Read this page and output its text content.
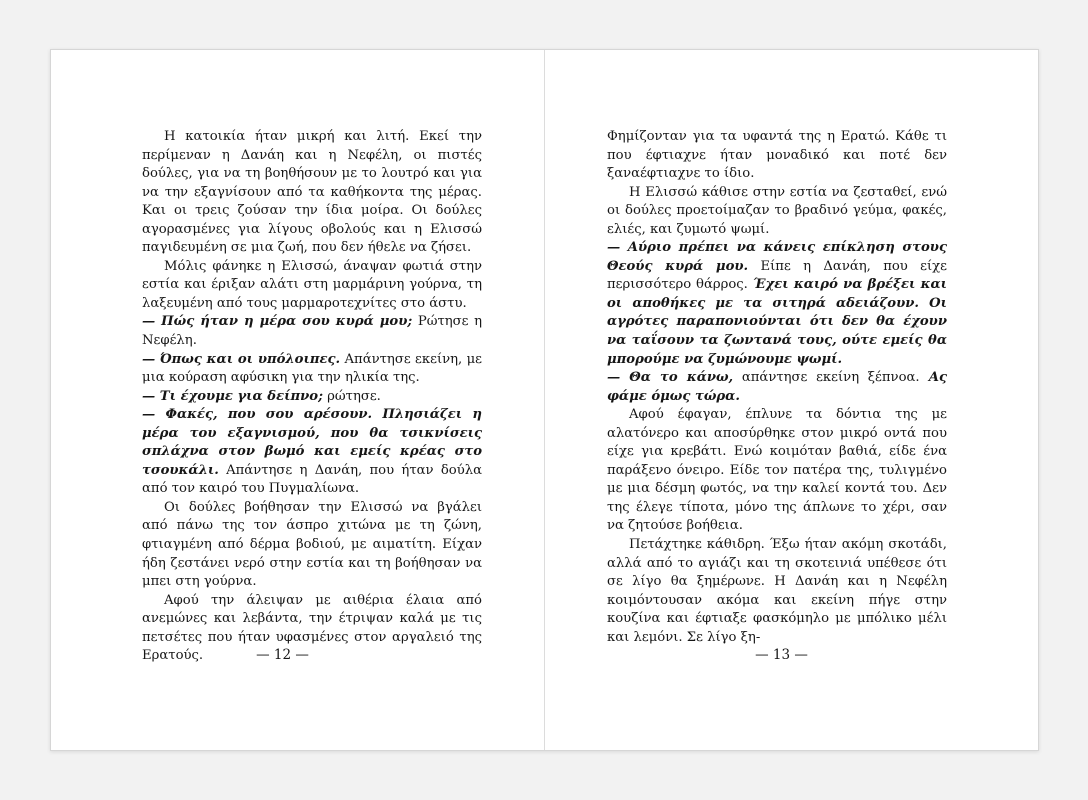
Η κατοικία ήταν μικρή και λιτή. Εκεί την περίμεναν η Δανάη και η Νεφέλη, οι πιστές δούλες, για να τη βοηθήσουν με το λουτρό και για να την εξαγνίσουν από τα καθήκοντα της μέρας. Και οι τρεις ζούσαν την ίδια μοίρα. Οι δούλες αγορασμένες για λίγους οβολούς και η Ελισσώ παγιδευμένη σε μια ζωή, που δεν ήθελε να ζήσει.

Μόλις φάνηκε η Ελισσώ, άναψαν φωτιά στην εστία και έριξαν αλάτι στη μαρμάρινη γούρνα, τη λαξευμένη από τους μαρμαροτεχνίτες στο άστυ.

— Πώς ήταν η μέρα σου κυρά μου; Ρώτησε η Νεφέλη.

— Όπως και οι υπόλοιπες. Απάντησε εκείνη, με μια κούραση αφύσικη για την ηλικία της.

— Τι έχουμε για δείπνο; ρώτησε.

— Φακές, που σου αρέσουν. Πλησιάζει η μέρα του εξαγνισμού, που θα τσικνίσεις σπλάχνα στον βωμό και εμείς κρέας στο τσουκάλι. Απάντησε η Δανάη, που ήταν δούλα από τον καιρό του Πυγμαλίωνα.

Οι δούλες βοήθησαν την Ελισσώ να βγάλει από πάνω της τον άσπρο χιτώνα με τη ζώνη, φτιαγμένη από δέρμα βοδιού, με αιματίτη. Είχαν ήδη ζεστάνει νερό στην εστία και τη βοήθησαν να μπει στη γούρνα.

Αφού την άλειψαν με αιθέρια έλαια από ανεμώνες και λεβάντα, την έτριψαν καλά με τις πετσέτες που ήταν υφασμένες στον αργαλειό της Ερατούς.	— 12 —

Φημίζονταν για τα υφαντά της η Ερατώ. Κάθε τι που έφτιαχνε ήταν μοναδικό και ποτέ δεν ξαναέφτιαχνε το ίδιο.

Η Ελισσώ κάθισε στην εστία να ζεσταθεί, ενώ οι δούλες προετοίμαζαν το βραδινό γεύμα, φακές, ελιές, και ζυμωτό ψωμί.

— Αύριο πρέπει να κάνεις επίκληση στους Θεούς κυρά μου. Είπε η Δανάη, που είχε περισσότερο θάρρος. Έχει καιρό να βρέξει και οι αποθήκες με τα σιτηρά αδειάζουν. Οι αγρότες παραπονιούνται ότι δεν θα έχουν να ταΐσουν τα ζωντανά τους, ούτε εμείς θα μπορούμε να ζυμώνουμε ψωμί.

— Θα το κάνω, απάντησε εκείνη ξέπνοα. Ας φάμε όμως τώρα.

Αφού έφαγαν, έπλυνε τα δόντια της με αλατόνερο και αποσύρθηκε στον μικρό οντά που είχε για κρεβάτι. Ενώ κοιμόταν βαθιά, είδε ένα παράξενο όνειρο. Είδε τον πατέρα της, τυλιγμένο με μια δέσμη φωτός, να την καλεί κοντά του. Δεν της έλεγε τίποτα, μόνο της άπλωνε το χέρι, σαν να ζητούσε βοήθεια.

Πετάχτηκε κάθιδρη. Έξω ήταν ακόμη σκοτάδι, αλλά από το αγιάζι και τη σκοτεινιά υπέθεσε ότι σε λίγο θα ξημέρωνε. Η Δανάη και η Νεφέλη κοιμόντουσαν ακόμα και εκείνη πήγε στην κουζίνα και έφτιαξε φασκόμηλο με μπόλικο μέλι και λεμόνι. Σε λίγο ξη-

— 13 —
